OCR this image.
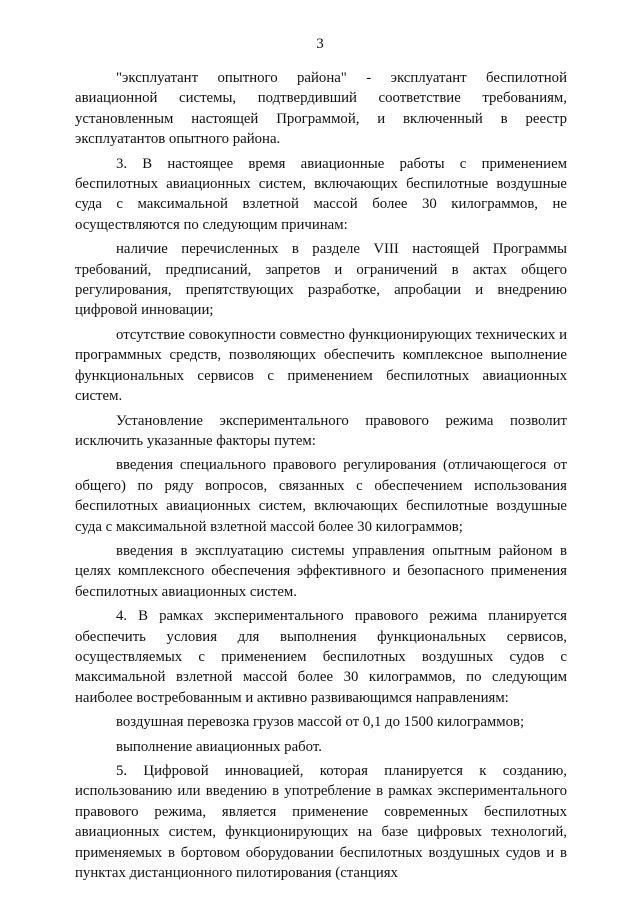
3

"эксплуатант опытного района" - эксплуатант беспилотной авиационной системы, подтвердивший соответствие требованиям, установленным настоящей Программой, и включенный в реестр эксплуатантов опытного района.

3. В настоящее время авиационные работы с применением беспилотных авиационных систем, включающих беспилотные воздушные суда с максимальной взлетной массой более 30 килограммов, не осуществляются по следующим причинам:

наличие перечисленных в разделе VIII настоящей Программы требований, предписаний, запретов и ограничений в актах общего регулирования, препятствующих разработке, апробации и внедрению цифровой инновации;

отсутствие совокупности совместно функционирующих технических и программных средств, позволяющих обеспечить комплексное выполнение функциональных сервисов с применением беспилотных авиационных систем.

Установление экспериментального правового режима позволит исключить указанные факторы путем:

введения специального правового регулирования (отличающегося от общего) по ряду вопросов, связанных с обеспечением использования беспилотных авиационных систем, включающих беспилотные воздушные суда с максимальной взлетной массой более 30 килограммов;

введения в эксплуатацию системы управления опытным районом в целях комплексного обеспечения эффективного и безопасного применения беспилотных авиационных систем.

4. В рамках экспериментального правового режима планируется обеспечить условия для выполнения функциональных сервисов, осуществляемых с применением беспилотных воздушных судов с максимальной взлетной массой более 30 килограммов, по следующим наиболее востребованным и активно развивающимся направлениям:

воздушная перевозка грузов массой от 0,1 до 1500 килограммов;

выполнение авиационных работ.

5. Цифровой инновацией, которая планируется к созданию, использованию или введению в употребление в рамках экспериментального правового режима, является применение современных беспилотных авиационных систем, функционирующих на базе цифровых технологий, применяемых в бортовом оборудовании беспилотных воздушных судов и в пунктах дистанционного пилотирования (станциях
